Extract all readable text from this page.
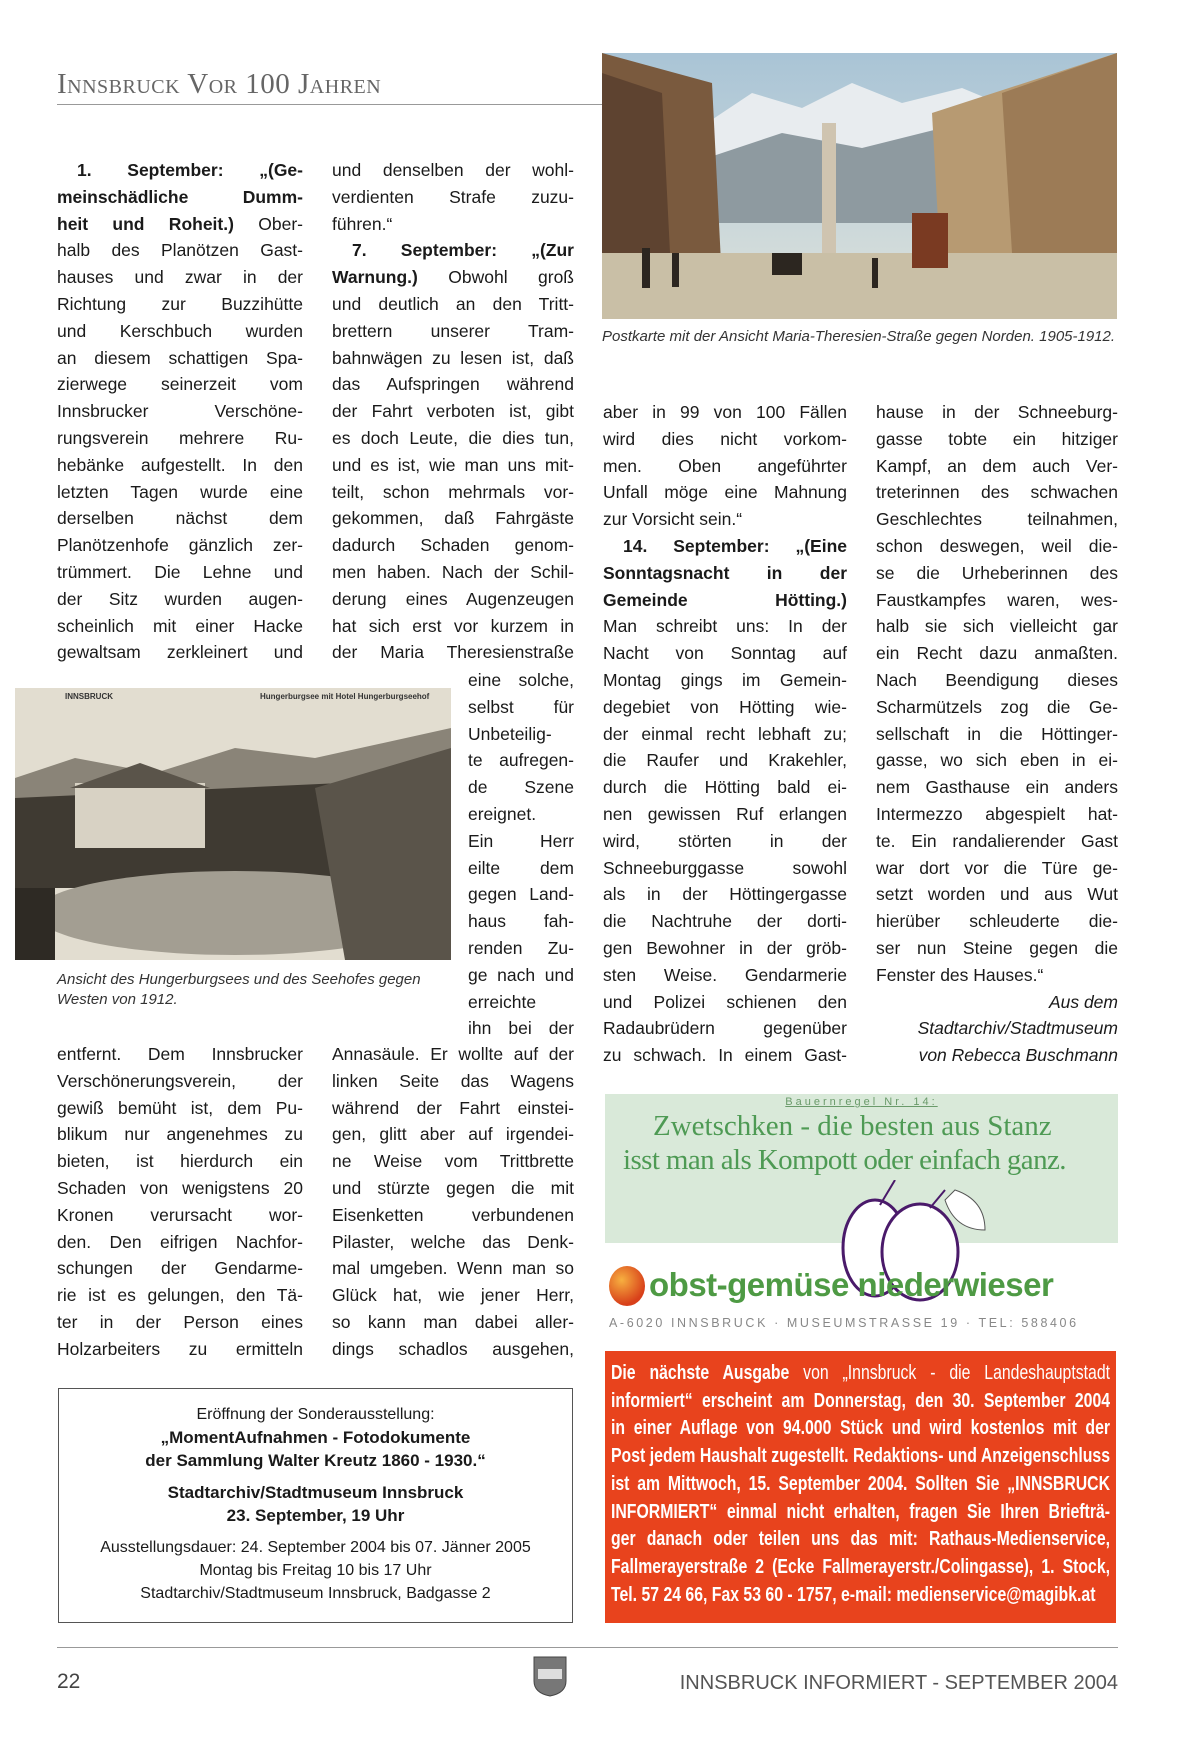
Innsbruck Vor 100 Jahren
Postkarte mit der Ansicht Maria-Theresien-Straße gegen Norden. 1905-1912.
INNSBRUCK	Hungerburgsee mit Hotel Hungerburgseehof
Ansicht des Hungerburgsees und des Seehofes gegen Westen von 1912.
1. September: „(Ge-
meinschädliche Dumm-
heit und Roheit.) Ober-
halb des Planötzen Gast-
hauses und zwar in der
Richtung zur Buzzihütte
und Kerschbuch wurden
an diesem schattigen Spa-
zierwege seinerzeit vom
Innsbrucker Verschöne-
rungsverein mehrere Ru-
hebänke aufgestellt. In den
letzten Tagen wurde eine
derselben nächst dem
Planötzenhofe gänzlich zer-
trümmert. Die Lehne und
der Sitz wurden augen-
scheinlich mit einer Hacke
gewaltsam zerkleinert und
entfernt. Dem Innsbrucker
Verschönerungsverein, der
gewiß bemüht ist, dem Pu-
blikum nur angenehmes zu
bieten, ist hierdurch ein
Schaden von wenigstens 20
Kronen verursacht wor-
den. Den eifrigen Nachfor-
schungen der Gendarme-
rie ist es gelungen, den Tä-
ter in der Person eines
Holzarbeiters zu ermitteln
und denselben der wohl-
verdienten Strafe zuzu-
führen.“
7. September: „(Zur
Warnung.) Obwohl groß
und deutlich an den Tritt-
brettern unserer Tram-
bahnwägen zu lesen ist, daß
das Aufspringen während
der Fahrt verboten ist, gibt
es doch Leute, die dies tun,
und es ist, wie man uns mit-
teilt, schon mehrmals vor-
gekommen, daß Fahrgäste
dadurch Schaden genom-
men haben. Nach der Schil-
derung eines Augenzeugen
hat sich erst vor kurzem in
der Maria Theresienstraße
eine solche,
selbst für
Unbeteilig-
te aufregen-
de Szene
ereignet.
Ein Herr
eilte dem
gegen Land-
haus fah-
renden Zu-
ge nach und
erreichte
ihn bei der
Annasäule. Er wollte auf der
linken Seite das Wagens
während der Fahrt einstei-
gen, glitt aber auf irgendei-
ne Weise vom Trittbrette
und stürzte gegen die mit
Eisenketten verbundenen
Pilaster, welche das Denk-
mal umgeben. Wenn man so
Glück hat, wie jener Herr,
so kann man dabei aller-
dings schadlos ausgehen,
aber in 99 von 100 Fällen
wird dies nicht vorkom-
men. Oben angeführter
Unfall möge eine Mahnung
zur Vorsicht sein.“
14. September: „(Eine
Sonntagsnacht in der
Gemeinde Hötting.)
Man schreibt uns: In der
Nacht von Sonntag auf
Montag gings im Gemein-
degebiet von Hötting wie-
der einmal recht lebhaft zu;
die Raufer und Krakehler,
durch die Hötting bald ei-
nen gewissen Ruf erlangen
wird, störten in der
Schneeburggasse sowohl
als in der Höttingergasse
die Nachtruhe der dorti-
gen Bewohner in der gröb-
sten Weise. Gendarmerie
und Polizei schienen den
Radaubrüdern gegenüber
zu schwach. In einem Gast-
hause in der Schneeburg-
gasse tobte ein hitziger
Kampf, an dem auch Ver-
treterinnen des schwachen
Geschlechtes teilnahmen,
schon deswegen, weil die-
se die Urheberinnen des
Faustkampfes waren, wes-
halb sie sich vielleicht gar
ein Recht dazu anmaßten.
Nach Beendigung dieses
Scharmützels zog die Ge-
sellschaft in die Höttinger-
gasse, wo sich eben in ei-
nem Gasthause ein anders
Intermezzo abgespielt hat-
te. Ein randalierender Gast
war dort vor die Türe ge-
setzt worden und aus Wut
hierüber schleuderte die-
ser nun Steine gegen die
Fenster des Hauses.“
Aus dem
Stadtarchiv/Stadtmuseum
von Rebecca Buschmann
Eröffnung der Sonderausstellung:
„MomentAufnahmen - Fotodokumente
der Sammlung Walter Kreutz 1860 - 1930.“
Stadtarchiv/Stadtmuseum Innsbruck
23. September, 19 Uhr
Ausstellungsdauer: 24. September 2004 bis 07. Jänner 2005
Montag bis Freitag 10 bis 17 Uhr
Stadtarchiv/Stadtmuseum Innsbruck, Badgasse 2
Bauernregel Nr. 14:
Zwetschken - die besten aus Stanz
isst man als Kompott oder einfach ganz.
obst-gemüse niederwieser
A-6020 INNSBRUCK · MUSEUMSTRASSE 19 · TEL: 588406
Die nächste Ausgabe von „Innsbruck - die Landeshauptstadt
informiert“ erscheint am Donnerstag, den 30. September 2004
in einer Auflage von 94.000 Stück und wird kostenlos mit der
Post jedem Haushalt zugestellt. Redaktions- und Anzeigenschluss
ist am Mittwoch, 15. September 2004. Sollten Sie „INNSBRUCK
INFORMIERT“ einmal nicht erhalten, fragen Sie Ihren Briefträ-
ger danach oder teilen uns das mit: Rathaus-Medienservice,
Fallmerayerstraße 2 (Ecke Fallmerayerstr./Colingasse), 1. Stock,
Tel. 57 24 66, Fax 53 60 - 1757, e-mail: medienservice@magibk.at
22	INNSBRUCK INFORMIERT - SEPTEMBER 2004
